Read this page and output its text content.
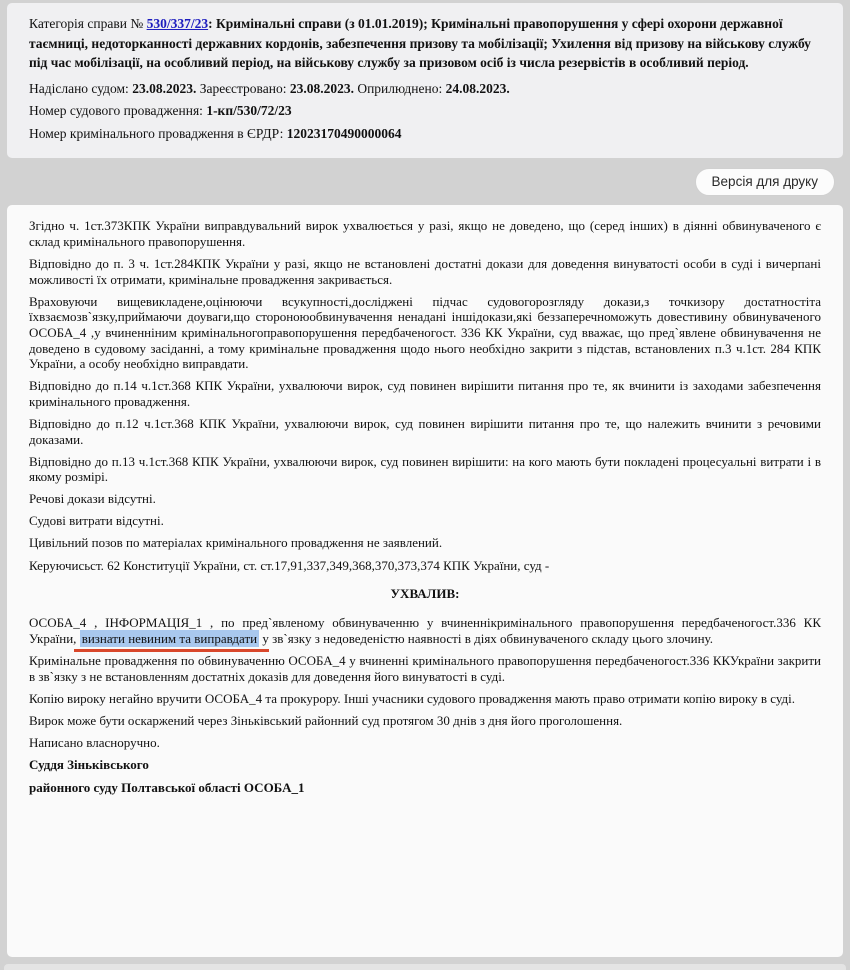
Категорія справи № 530/337/23: Кримінальні справи (з 01.01.2019); Кримінальні правопорушення у сфері охорони державної таємниці, недоторканності державних кордонів, забезпечення призову та мобілізації; Ухилення від призову на військову службу під час мобілізації, на особливий період, на військову службу за призовом осіб із числа резервістів в особливий період.
Надіслано судом: 23.08.2023. Зареєстровано: 23.08.2023. Оприлюднено: 24.08.2023.
Номер судового провадження: 1-кп/530/72/23
Номер кримінального провадження в ЄРДР: 12023170490000064
Версія для друку

Згідно ч. 1ст.373КПК України виправдувальний вирок ухвалюється у разі, якщо не доведено, що (серед інших) в діянні обвинуваченого є склад кримінального правопорушення.

Відповідно до п. 3 ч. 1ст.284КПК України у разі, якщо не встановлені достатні докази для доведення винуватості особи в суді і вичерпані можливості їх отримати, кримінальне провадження закривається.

Враховуючи вищевикладене,оцінюючи всукупності,досліджені підчас судовогорозгляду докази,з точкизору достатностіта їхвзаємозв`язку,приймаючи доуваги,що стороноюобвинувачення ненадані іншідокази,які беззаперечноможуть довестивину обвинуваченого ОСОБА_4 ,у вчиненніним кримінальногоправопорушення передбаченогост. 336 КК України, суд вважає, що пред`явлене обвинувачення не доведено в судовому засіданні, а тому кримінальне провадження щодо нього необхідно закрити з підстав, встановлених п.3 ч.1ст. 284 КПК України, а особу необхідно виправдати.

Відповідно до п.14 ч.1ст.368 КПК України, ухвалюючи вирок, суд повинен вирішити питання про те, як вчинити із заходами забезпечення кримінального провадження.

Відповідно до п.12 ч.1ст.368 КПК України, ухвалюючи вирок, суд повинен вирішити питання про те, що належить вчинити з речовими доказами.

Відповідно до п.13 ч.1ст.368 КПК України, ухвалюючи вирок, суд повинен вирішити: на кого мають бути покладені процесуальні витрати і в якому розмірі.

Речові докази відсутні.

Судові витрати відсутні.

Цивільний позов по матеріалах кримінального провадження не заявлений.

Керуючисьст. 62 Конституції України, ст. ст.17,91,337,349,368,370,373,374 КПК України, суд -

УХВАЛИВ:

ОСОБА_4 , ІНФОРМАЦІЯ_1 , по пред`явленому обвинуваченню у вчиненнікримінального правопорушення передбаченогост.336 КК України, визнати невиним та виправдати у зв`язку з недоведеністю наявності в діях обвинуваченого складу цього злочину.

Кримінальне провадження по обвинуваченню ОСОБА_4 у вчиненні кримінального правопорушення передбаченогост.336 ККУкраїни закрити в зв`язку з не встановленням достатніх доказів для доведення його винуватості в суді.

Копію вироку негайно вручити ОСОБА_4 та прокурору. Інші учасники судового провадження мають право отримати копію вироку в суді.

Вирок може бути оскаржений через Зіньківський районний суд протягом 30 днів з дня його проголошення.

Написано власноручно.

Суддя Зіньківського

районного суду Полтавської області ОСОБА_1
